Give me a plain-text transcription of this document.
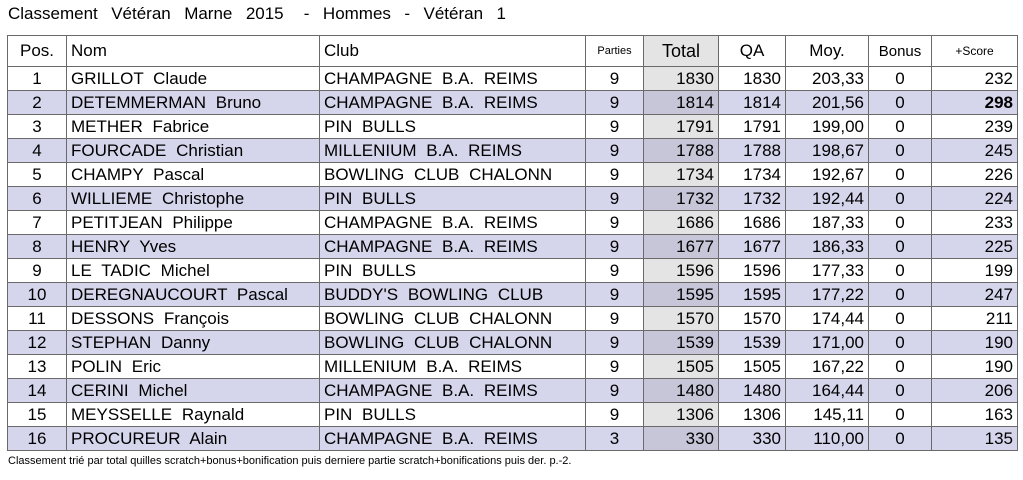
Classement  Vétéran  Marne  2015   -  Hommes  -  Vétéran  1
Pos.	Nom	Club	Parties	Total	QA	Moy.	Bonus	+Score
1	GRILLOT Claude	CHAMPAGNE B.A. REIMS	9	1830	1830	203,33	0	232
2	DETEMMERMAN Bruno	CHAMPAGNE B.A. REIMS	9	1814	1814	201,56	0	298
3	METHER Fabrice	PIN BULLS	9	1791	1791	199,00	0	239
4	FOURCADE Christian	MILLENIUM B.A. REIMS	9	1788	1788	198,67	0	245
5	CHAMPY Pascal	BOWLING CLUB CHALONN	9	1734	1734	192,67	0	226
6	WILLIEME Christophe	PIN BULLS	9	1732	1732	192,44	0	224
7	PETITJEAN Philippe	CHAMPAGNE B.A. REIMS	9	1686	1686	187,33	0	233
8	HENRY Yves	CHAMPAGNE B.A. REIMS	9	1677	1677	186,33	0	225
9	LE TADIC Michel	PIN BULLS	9	1596	1596	177,33	0	199
10	DEREGNAUCOURT Pascal	BUDDY'S BOWLING CLUB	9	1595	1595	177,22	0	247
11	DESSONS François	BOWLING CLUB CHALONN	9	1570	1570	174,44	0	211
12	STEPHAN Danny	BOWLING CLUB CHALONN	9	1539	1539	171,00	0	190
13	POLIN Eric	MILLENIUM B.A. REIMS	9	1505	1505	167,22	0	190
14	CERINI Michel	CHAMPAGNE B.A. REIMS	9	1480	1480	164,44	0	206
15	MEYSSELLE Raynald	PIN BULLS	9	1306	1306	145,11	0	163
16	PROCUREUR Alain	CHAMPAGNE B.A. REIMS	3	330	330	110,00	0	135
Classement trié par total quilles scratch+bonus+bonification puis derniere partie scratch+bonifications puis der. p.-2.
